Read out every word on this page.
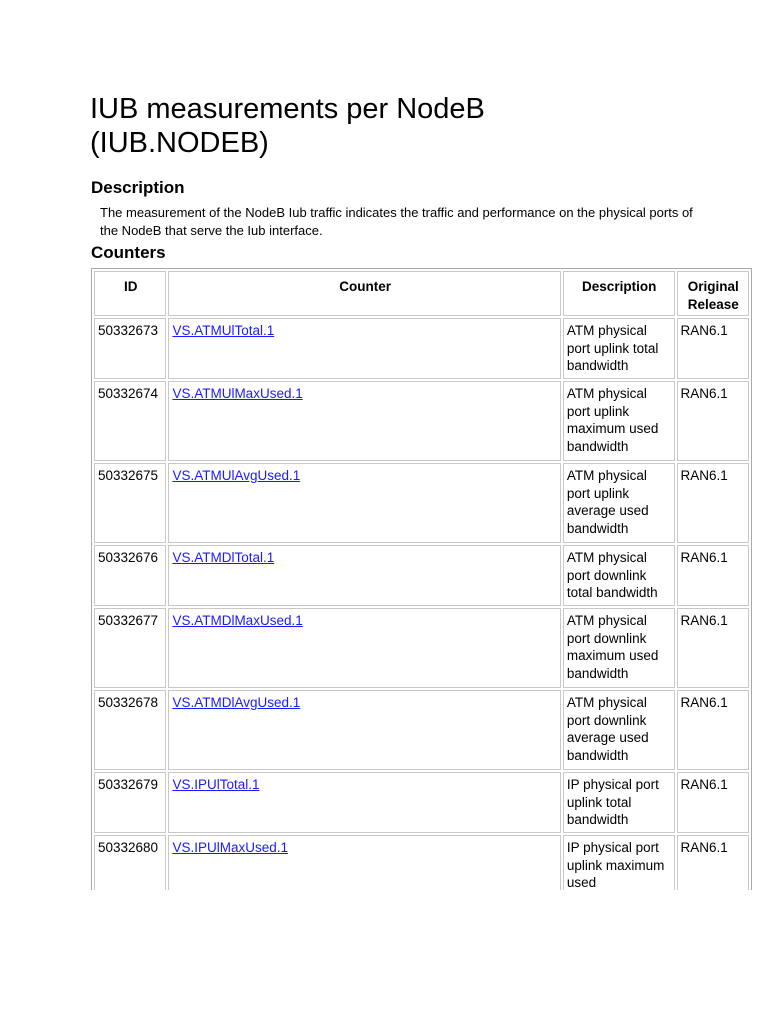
IUB measurements per NodeB
(IUB.NODEB)
Description

The measurement of the NodeB Iub traffic indicates the traffic and performance on the physical ports of the NodeB that serve the Iub interface.

Counters
ID	Counter	Description	Original Release
50332673	VS.ATMUlTotal.1	ATM physical port uplink total bandwidth	RAN6.1
50332674	VS.ATMUlMaxUsed.1	ATM physical port uplink maximum used bandwidth	RAN6.1
50332675	VS.ATMUlAvgUsed.1	ATM physical port uplink average used bandwidth	RAN6.1
50332676	VS.ATMDlTotal.1	ATM physical port downlink total bandwidth	RAN6.1
50332677	VS.ATMDlMaxUsed.1	ATM physical port downlink maximum used bandwidth	RAN6.1
50332678	VS.ATMDlAvgUsed.1	ATM physical port downlink average used bandwidth	RAN6.1
50332679	VS.IPUlTotal.1	IP physical port uplink total bandwidth	RAN6.1
50332680	VS.IPUlMaxUsed.1	IP physical port uplink maximum used	RAN6.1
